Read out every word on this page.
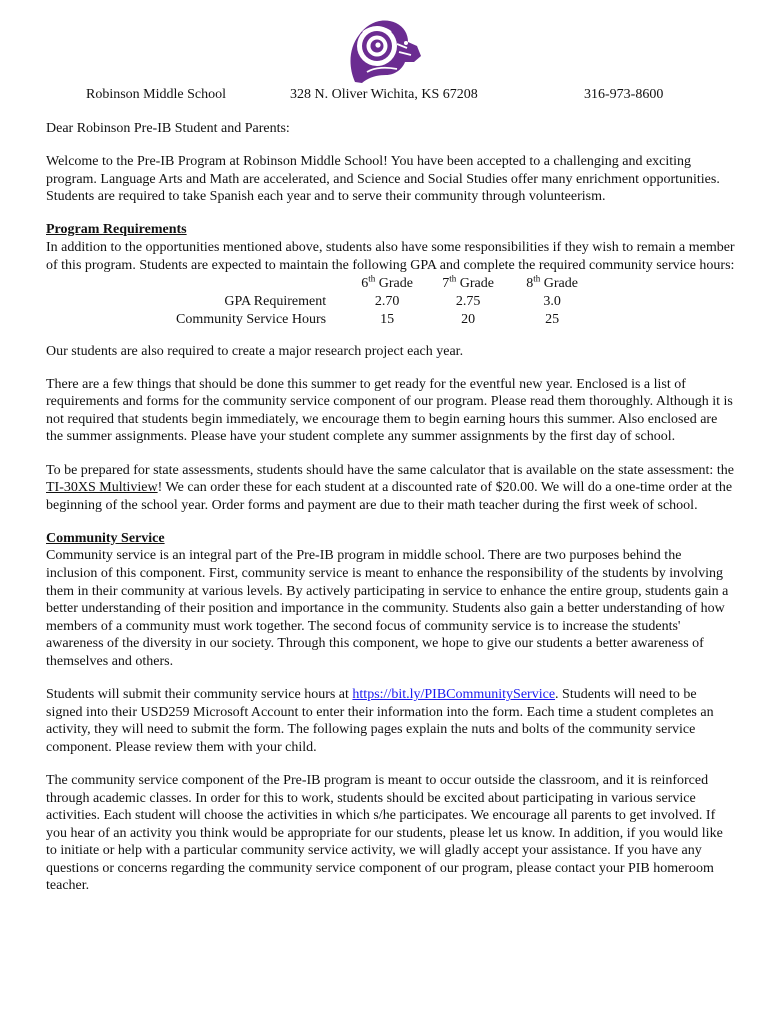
Robinson Middle School	328 N. Oliver Wichita, KS 67208	316-973-8600

Dear Robinson Pre-IB Student and Parents:

Welcome to the Pre-IB Program at Robinson Middle School! You have been accepted to a challenging and exciting program. Language Arts and Math are accelerated, and Science and Social Studies offer many enrichment opportunities. Students are required to take Spanish each year and to serve their community through volunteerism.

Program Requirements
In addition to the opportunities mentioned above, students also have some responsibilities if they wish to remain a member of this program. Students are expected to maintain the following GPA and complete the required community service hours:
	6th Grade	7th Grade	8th Grade
GPA Requirement	2.70	2.75	3.0
Community Service Hours	15	20	25

Our students are also required to create a major research project each year.

There are a few things that should be done this summer to get ready for the eventful new year. Enclosed is a list of requirements and forms for the community service component of our program. Please read them thoroughly. Although it is not required that students begin immediately, we encourage them to begin earning hours this summer. Also enclosed are the summer assignments. Please have your student complete any summer assignments by the first day of school.

To be prepared for state assessments, students should have the same calculator that is available on the state assessment: the TI-30XS Multiview! We can order these for each student at a discounted rate of $20.00. We will do a one-time order at the beginning of the school year. Order forms and payment are due to their math teacher during the first week of school.

Community Service

Community service is an integral part of the Pre-IB program in middle school. There are two purposes behind the inclusion of this component. First, community service is meant to enhance the responsibility of the students by involving them in their community at various levels. By actively participating in service to enhance the entire group, students gain a better understanding of their position and importance in the community. Students also gain a better understanding of how members of a community must work together. The second focus of community service is to increase the students' awareness of the diversity in our society. Through this component, we hope to give our students a better awareness of themselves and others.

Students will submit their community service hours at https://bit.ly/PIBCommunityService. Students will need to be signed into their USD259 Microsoft Account to enter their information into the form. Each time a student completes an activity, they will need to submit the form. The following pages explain the nuts and bolts of the community service component. Please review them with your child.

The community service component of the Pre-IB program is meant to occur outside the classroom, and it is reinforced through academic classes. In order for this to work, students should be excited about participating in various service activities. Each student will choose the activities in which s/he participates. We encourage all parents to get involved. If you hear of an activity you think would be appropriate for our students, please let us know. In addition, if you would like to initiate or help with a particular community service activity, we will gladly accept your assistance. If you have any questions or concerns regarding the community service component of our program, please contact your PIB homeroom teacher.
